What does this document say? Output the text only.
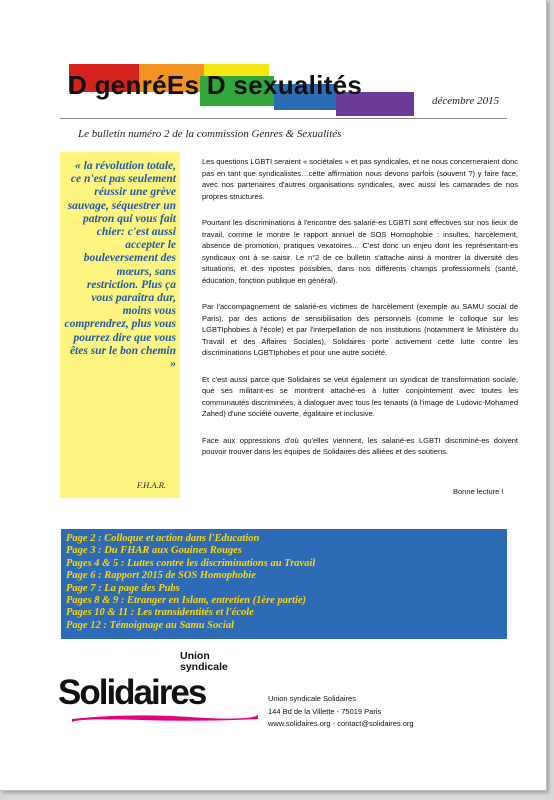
D genréEs D sexualités
décembre 2015
Le bulletin numéro 2 de la commission Genres & Sexualités
« la révolution totale, ce n'est pas seulement réussir une grève sauvage, séquestrer un patron qui vous fait chier: c'est aussi accepter le bouleversement des mœurs, sans restriction. Plus ça vous paraîtra dur, moins vous comprendrez, plus vous pourrez dire que vous êtes sur le bon chemin »
F.H.A.R.

Les questions LGBTI seraient « sociétales » et pas syndicales, et ne nous concerneraient donc pas en tant que syndicalistes…cette affirmation nous devons parfois (souvent ?) y faire face, avec nos partenaires d'autres organisations syndicales, avec aussi les camarades de nos propres structures.

Pourtant les discriminations à l'encontre des salarié-es LGBTI sont effectives sur nos lieux de travail, comme le montre le rapport annuel de SOS Homophobie : insultes, harcèlement, absence de promotion, pratiques vexatoires… C'est donc un enjeu dont les représentant-es syndicaux ont à se saisir. Le n°2 de ce bulletin s'attache ainsi à montrer la diversité des situations, et des ripostes possibles, dans nos différents champs professionnels (santé, éducation, fonction publique en général).

Par l'accompagnement de salarié-es victimes de harcèlement (exemple au SAMU social de Paris), par des actions de sensibilisation des personnels (comme le colloque sur les LGBTIphobies à l'école) et par l'interpellation de nos institutions (notamment le Ministère du Travail et des Affaires Sociales), Solidaires porte activement cette lutte contre les discriminations LGBTIphobes et pour une autre société.

Et c'est aussi parce que Solidaires se veut également un syndicat de transformation sociale, que ses militant-es se montrent attaché-es à lutter conjointement avec toutes les communautés discriminées, à dialoguer avec tous les tenants (à l'image de Ludovic-Mohamed Zahed) d'une société ouverte, égalitaire et inclusive.

Face aux oppressions d'où qu'elles viennent, les salarié-es LGBTI discriminé-es doivent pouvoir trouver dans les équipes de Solidaires des alliées et des soutiens.

Bonne lecture !
Page 2 : Colloque et action dans l'Education
Page 3 : Du FHAR aux Gouines Rouges
Pages 4 & 5 : Luttes contre les discriminations au Travail
Page 6 : Rapport 2015 de SOS Homophobie
Page 7 : La page des Pubs
Pages 8 & 9 : Etranger en Islam, entretien (1ère partie)
Pages 10 & 11 : Les transidentités et l'école
Page 12 : Témoignage au Samu Social
Union
syndicale
Solidaires	Union syndicale Solidaires
144 Bd de la Villette - 75019 Paris
www.solidaires.org - contact@solidaires.org
